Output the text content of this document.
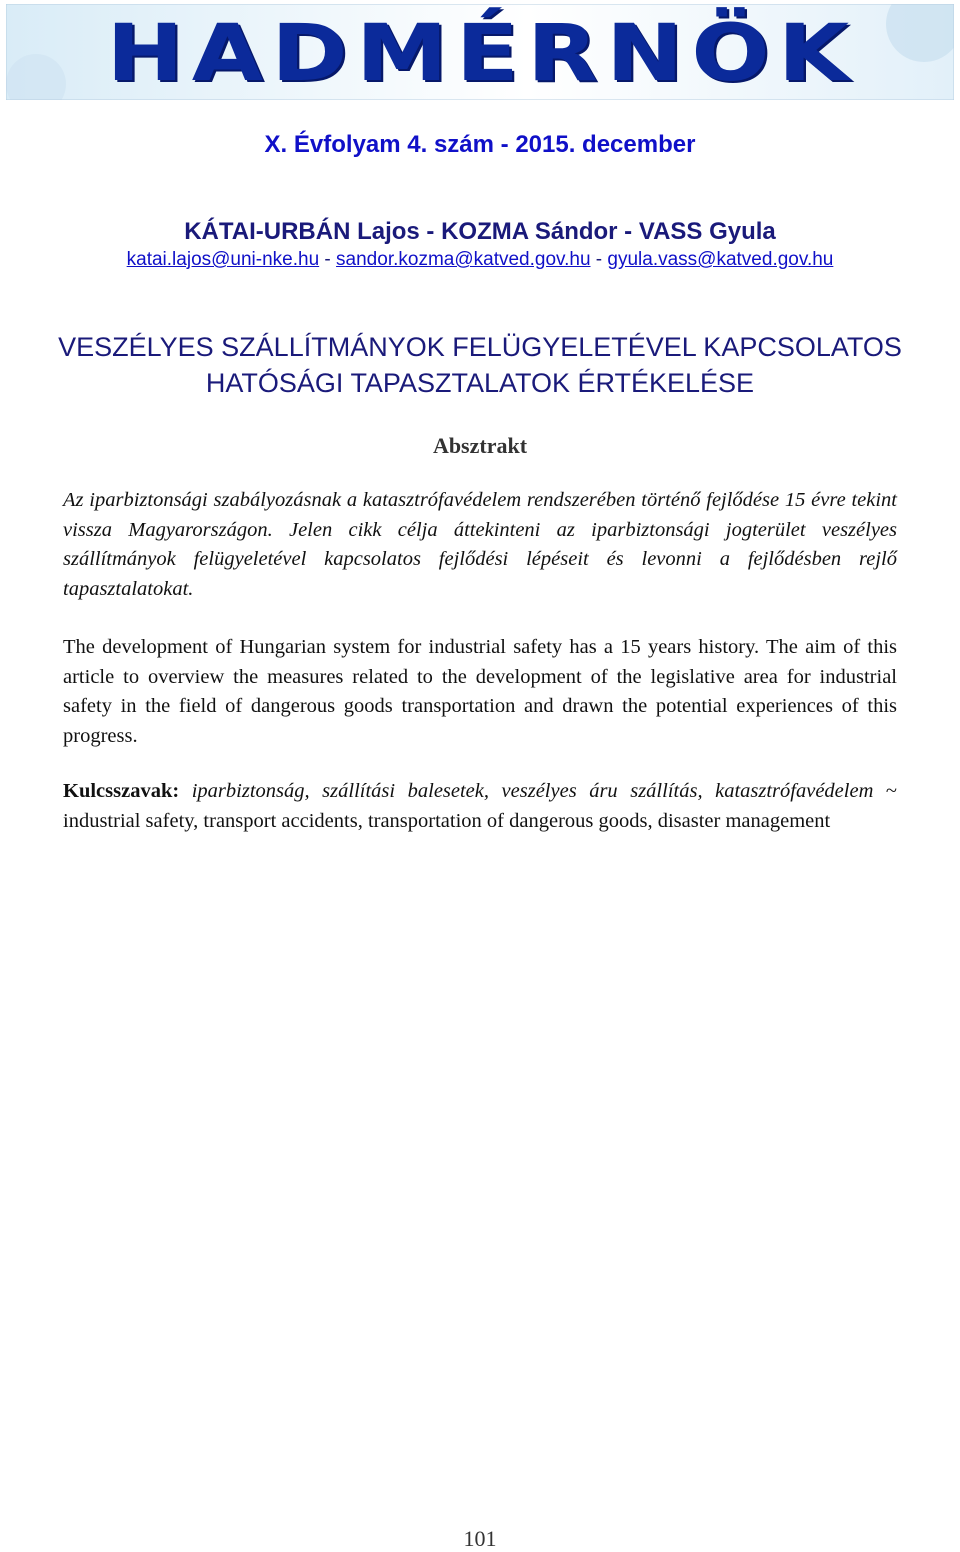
HADMÉRNÖK
X. Évfolyam 4. szám - 2015. december
KÁTAI-URBÁN Lajos - KOZMA Sándor - VASS Gyula
katai.lajos@uni-nke.hu - sandor.kozma@katved.gov.hu - gyula.vass@katved.gov.hu
VESZÉLYES SZÁLLÍTMÁNYOK FELÜGYELETÉVEL KAPCSOLATOS
HATÓSÁGI TAPASZTALATOK ÉRTÉKELÉSE
Absztrakt

Az iparbiztonsági szabályozásnak a katasztrófavédelem rendszerében történő fejlődése 15 évre tekint vissza Magyarországon. Jelen cikk célja áttekinteni az iparbiztonsági jogterület veszélyes szállítmányok felügyeletével kapcsolatos fejlődési lépéseit és levonni a fejlődésben rejlő tapasztalatokat.

The development of Hungarian system for industrial safety has a 15 years history. The aim of this article to overview the measures related to the development of the legislative area for industrial safety in the field of dangerous goods transportation and drawn the potential experiences of this progress.

Kulcsszavak: iparbiztonság, szállítási balesetek, veszélyes áru szállítás, katasztrófavédelem ~ industrial safety, transport accidents, transportation of dangerous goods, disaster management

101
